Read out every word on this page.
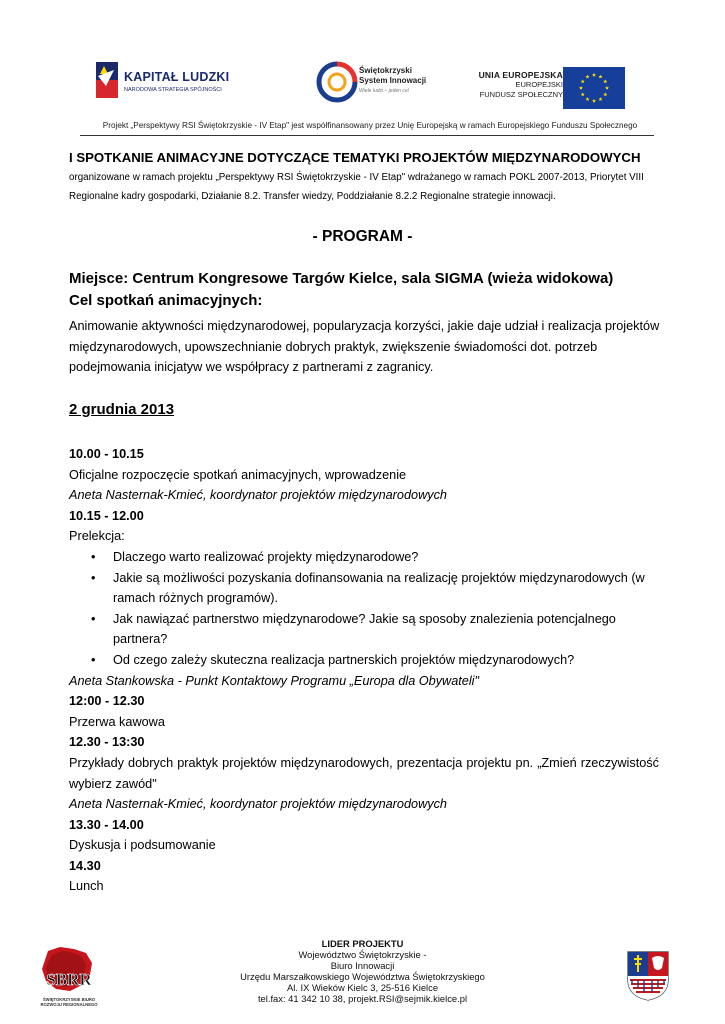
KAPITAŁ LUDZKI
NARODOWA STRATEGIA SPÓJNOŚCI
Świętokrzyski
System Innowacji
Wiele ludzi – jeden cel
UNIA EUROPEJSKA
EUROPEJSKI
FUNDUSZ SPOŁECZNY
Projekt „Perspektywy RSI Świętokrzyskie - IV Etap" jest współfinansowany przez Unię Europejską w ramach Europejskiego Funduszu Społecznego
I SPOTKANIE ANIMACYJNE DOTYCZĄCE TEMATYKI PROJEKTÓW MIĘDZYNARODOWYCH
organizowane w ramach projektu „Perspektywy RSI Świętokrzyskie - IV Etap" wdrażanego w ramach POKL 2007-2013, Priorytet VIII
Regionalne kadry gospodarki, Działanie 8.2. Transfer wiedzy, Poddziałanie 8.2.2 Regionalne strategie innowacji.
- PROGRAM -
Miejsce: Centrum Kongresowe Targów Kielce, sala SIGMA (wieża widokowa)
Cel spotkań animacyjnych:
Animowanie aktywności międzynarodowej, popularyzacja korzyści, jakie daje udział i realizacja projektów międzynarodowych, upowszechnianie dobrych praktyk, zwiększenie świadomości dot. potrzeb podejmowania inicjatyw we współpracy z partnerami z zagranicy.
2 grudnia 2013
10.00 - 10.15
Oficjalne rozpoczęcie spotkań animacyjnych, wprowadzenie
Aneta Nasternak-Kmieć, koordynator projektów międzynarodowych
10.15 - 12.00
Prelekcja:
• Dlaczego warto realizować projekty międzynarodowe?
• Jakie są możliwości pozyskania dofinansowania na realizację projektów międzynarodowych (w ramach różnych programów).
• Jak nawiązać partnerstwo międzynarodowe? Jakie są sposoby znalezienia potencjalnego partnera?
• Od czego zależy skuteczna realizacja partnerskich projektów międzynarodowych?
Aneta Stankowska - Punkt Kontaktowy Programu „Europa dla Obywateli"
12:00 - 12.30
Przerwa kawowa
12.30 - 13:30
Przykłady dobrych praktyk projektów międzynarodowych, prezentacja projektu pn. „Zmień rzeczywistość wybierz zawód"
Aneta Nasternak-Kmieć, koordynator projektów międzynarodowych
13.30 - 14.00
Dyskusja i podsumowanie
14.30
Lunch
SBRR
ŚWIĘTOKRZYSKIE BIURO
ROZWOJU REGIONALNEGO
LIDER PROJEKTU
Województwo Świętokrzyskie -
Biuro Innowacji
Urzędu Marszałkowskiego Województwa Świętokrzyskiego
Al. IX Wieków Kielc 3, 25-516 Kielce
tel.fax: 41 342 10 38, projekt.RSI@sejmik.kielce.pl
